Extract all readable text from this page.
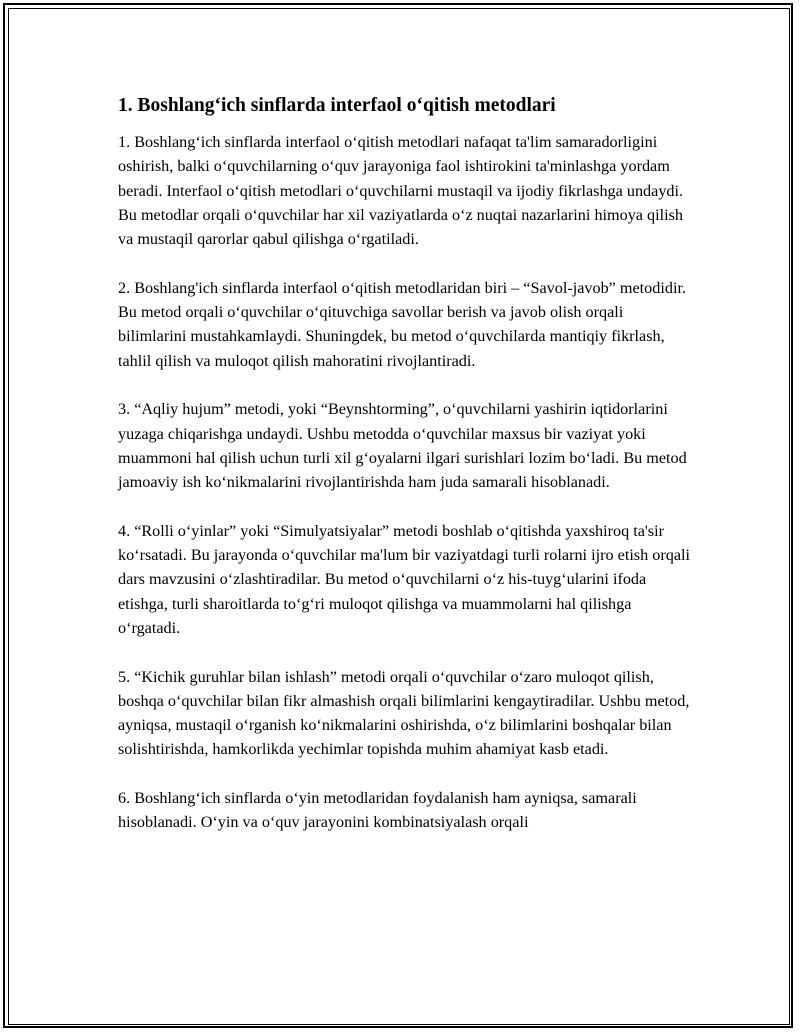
1. Boshlang‘ich sinflarda interfaol o‘qitish metodlari

1. Boshlang‘ich sinflarda interfaol o‘qitish metodlari nafaqat ta'lim samaradorligini oshirish, balki o‘quvchilarning o‘quv jarayoniga faol ishtirokini ta'minlashga yordam beradi. Interfaol o‘qitish metodlari o‘quvchilarni mustaqil va ijodiy fikrlashga undaydi. Bu metodlar orqali o‘quvchilar har xil vaziyatlarda o‘z nuqtai nazarlarini himoya qilish va mustaqil qarorlar qabul qilishga o‘rgatiladi.

2. Boshlang'ich sinflarda interfaol o‘qitish metodlaridan biri – “Savol-javob” metodidir. Bu metod orqali o‘quvchilar o‘qituvchiga savollar berish va javob olish orqali bilimlarini mustahkamlaydi. Shuningdek, bu metod o‘quvchilarda mantiqiy fikrlash, tahlil qilish va muloqot qilish mahoratini rivojlantiradi.

3. “Aqliy hujum” metodi, yoki “Beynshtorming”, o‘quvchilarni yashirin iqtidorlarini yuzaga chiqarishga undaydi. Ushbu metodda o‘quvchilar maxsus bir vaziyat yoki muammoni hal qilish uchun turli xil g‘oyalarni ilgari surishlari lozim bo‘ladi. Bu metod jamoaviy ish ko‘nikmalarini rivojlantirishda ham juda samarali hisoblanadi.

4. “Rolli o‘yinlar” yoki “Simulyatsiyalar” metodi boshlab o‘qitishda yaxshiroq ta'sir ko‘rsatadi. Bu jarayonda o‘quvchilar ma'lum bir vaziyatdagi turli rolarni ijro etish orqali dars mavzusini o‘zlashtiradilar. Bu metod o‘quvchilarni o‘z his-tuyg‘ularini ifoda etishga, turli sharoitlarda to‘g‘ri muloqot qilishga va muammolarni hal qilishga o‘rgatadi.

5. “Kichik guruhlar bilan ishlash” metodi orqali o‘quvchilar o‘zaro muloqot qilish, boshqa o‘quvchilar bilan fikr almashish orqali bilimlarini kengaytiradilar. Ushbu metod, ayniqsa, mustaqil o‘rganish ko‘nikmalarini oshirishda, o‘z bilimlarini boshqalar bilan solishtirishda, hamkorlikda yechimlar topishda muhim ahamiyat kasb etadi.

6. Boshlang‘ich sinflarda o‘yin metodlaridan foydalanish ham ayniqsa, samarali hisoblanadi. O‘yin va o‘quv jarayonini kombinatsiyalash orqali
